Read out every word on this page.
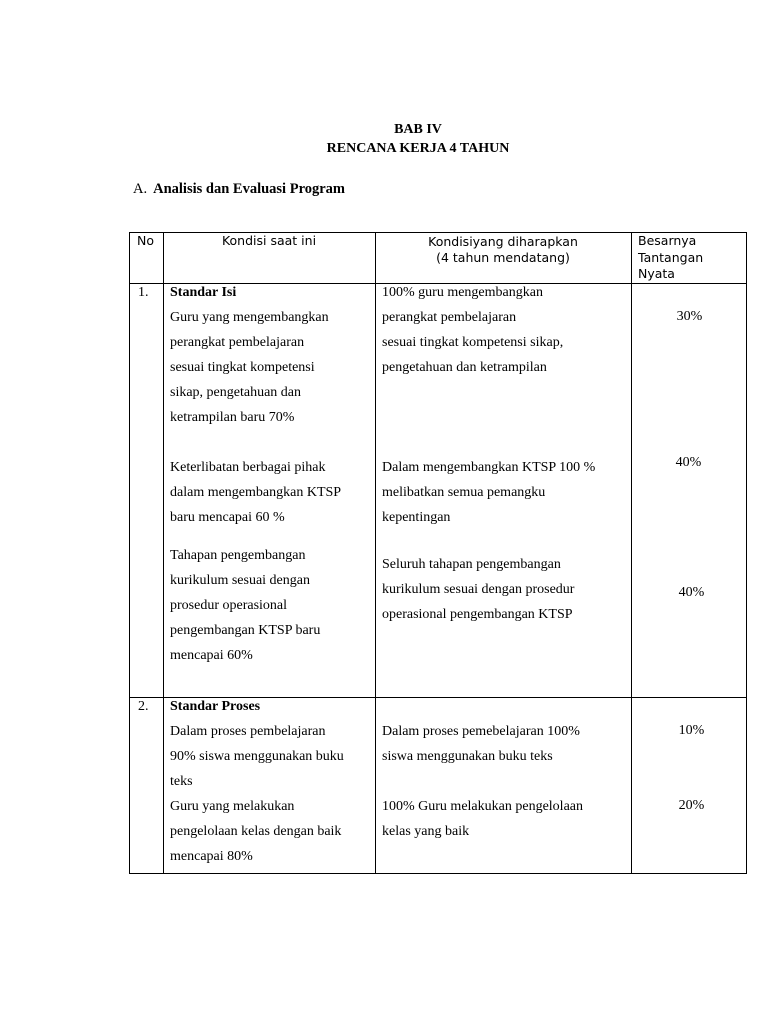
BAB IV
RENCANA KERJA 4 TAHUN
A. Analisis dan Evaluasi Program
No	Kondisi saat ini	Kondisiyang diharapkan
(4 tahun mendatang)
Besarnya
Tantangan
Nyata
1. Standar Isi
Guru yang mengembangkan
perangkat pembelajaran
sesuai tingkat kompetensi
sikap, pengetahuan dan
ketrampilan baru 70%
100% guru mengembangkan
perangkat pembelajaran
sesuai tingkat kompetensi sikap,
pengetahuan dan ketrampilan
30%
Keterlibatan berbagai pihak
dalam mengembangkan KTSP
baru mencapai 60 %
Dalam mengembangkan KTSP 100 %
melibatkan semua pemangku
kepentingan
40%
Tahapan pengembangan
kurikulum sesuai dengan
prosedur operasional
pengembangan KTSP baru
mencapai 60%
Seluruh tahapan pengembangan
kurikulum sesuai dengan prosedur
operasional pengembangan KTSP
40%
2. Standar Proses
Dalam proses pembelajaran
90% siswa menggunakan buku
teks
Dalam proses pemebelajaran 100%
siswa menggunakan buku teks
10%
Guru yang melakukan
pengelolaan kelas dengan baik
mencapai 80%
100% Guru melakukan pengelolaan
kelas yang baik
20%
